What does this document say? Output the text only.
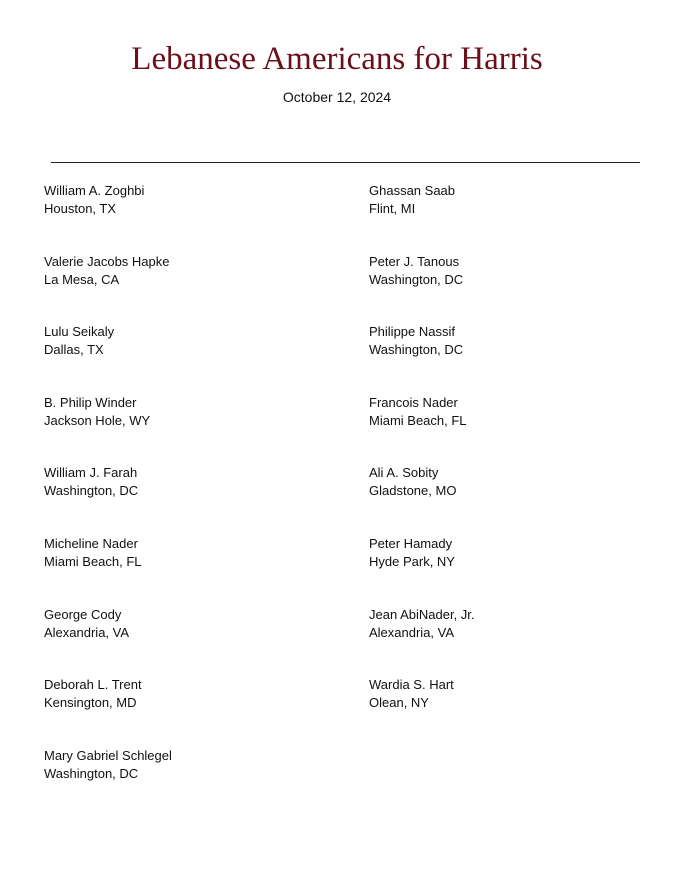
Lebanese Americans for Harris
October 12, 2024
William A. Zoghbi
Houston, TX
Valerie Jacobs Hapke
La Mesa, CA
Lulu Seikaly
Dallas, TX
B. Philip Winder
Jackson Hole, WY
William J. Farah
Washington, DC
Micheline Nader
Miami Beach, FL
George Cody
Alexandria, VA
Deborah L. Trent
Kensington, MD
Mary Gabriel Schlegel
Washington, DC
Ghassan Saab
Flint, MI
Peter J. Tanous
Washington, DC
Philippe Nassif
Washington, DC
Francois Nader
Miami Beach, FL
Ali A. Sobity
Gladstone, MO
Peter Hamady
Hyde Park, NY
Jean AbiNader, Jr.
Alexandria, VA
Wardia S. Hart
Olean, NY
